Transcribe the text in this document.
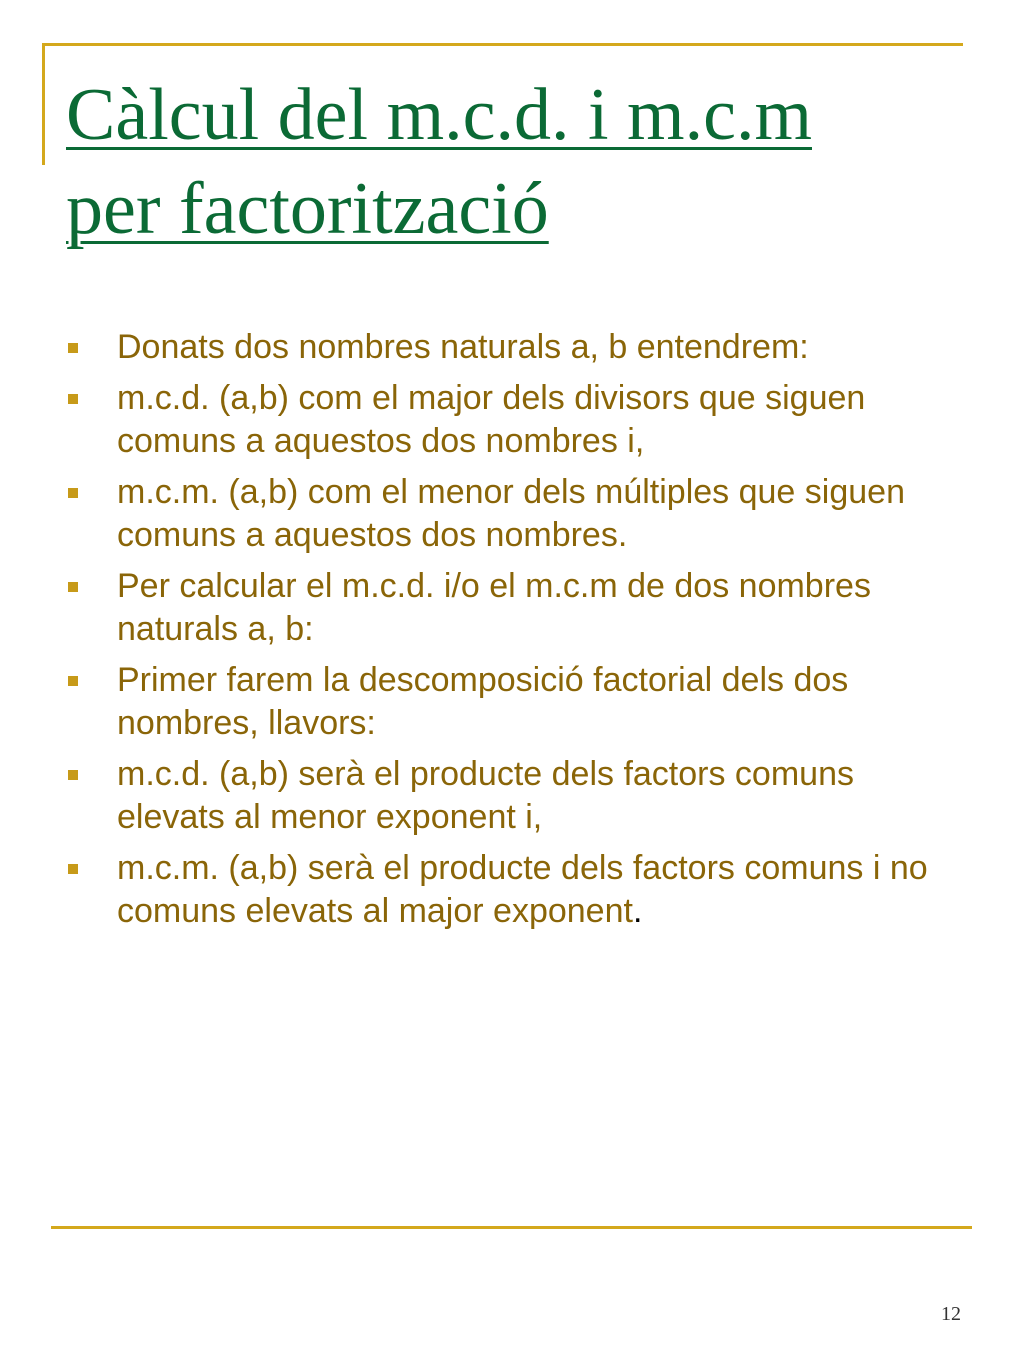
Càlcul del m.c.d. i m.c.m
per factorització
Donats dos nombres naturals a, b entendrem:
m.c.d. (a,b) com el major dels divisors que siguen comuns a aquestos dos nombres i,
m.c.m. (a,b) com el menor dels múltiples que siguen comuns a aquestos dos nombres.
Per calcular el m.c.d. i/o el m.c.m de dos nombres naturals a, b:
Primer farem la descomposició factorial dels dos nombres, llavors:
m.c.d. (a,b) serà el producte dels factors comuns elevats al menor exponent i,
m.c.m. (a,b) serà el producte dels factors comuns i no comuns elevats al major exponent.
12
